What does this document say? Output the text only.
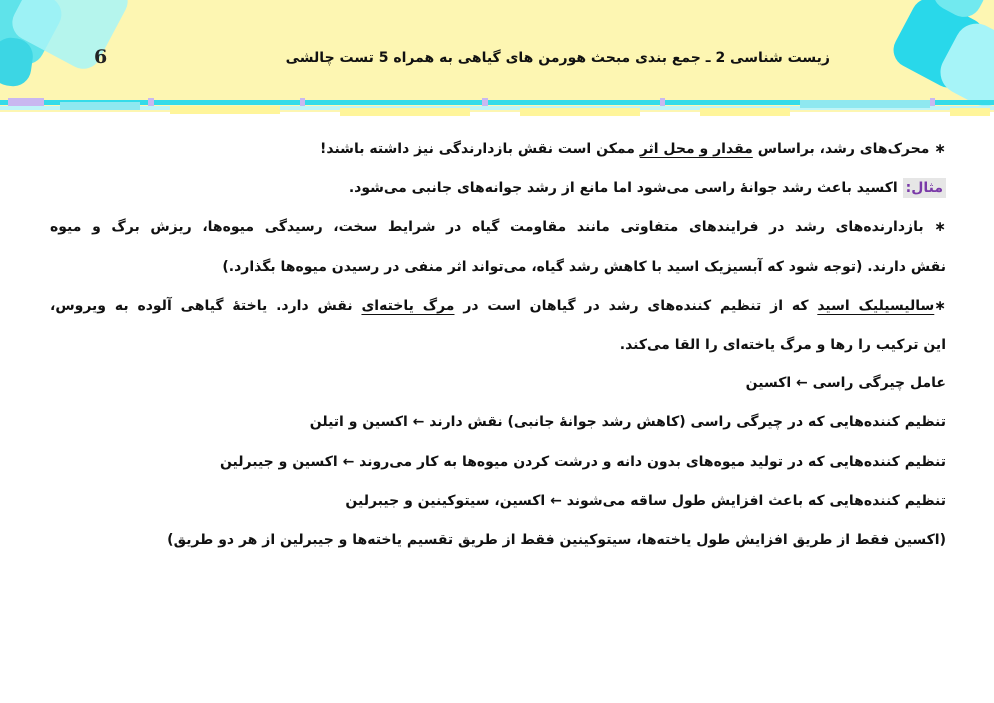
6	زیست شناسی 2 ـ جمع بندی مبحث هورمن های گیاهی به همراه 5 تست چالشی
∗ محرک‌های رشد، براساس مقدار و محل اثر ممکن است نقش بازدارندگی نیز داشته باشند!
مثال: اکسید باعث رشد جوانهٔ راسی می‌شود اما مانع از رشد جوانه‌های جانبی می‌شود.
∗ بازدارنده‌های رشد در فرایندهای متفاوتی مانند مقاومت گیاه در شرایط سخت، رسیدگی میوه‌ها، ریزش برگ و میوه
نقش دارند. (توجه شود که آبسیزیک اسید با کاهش رشد گیاه، می‌تواند اثر منفی در رسیدن میوه‌ها بگذارد.)
∗سالیسیلیک اسید که از تنظیم کننده‌های رشد در گیاهان است در مرگ یاخته‌ای نقش دارد. یاختهٔ گیاهی آلوده به ویروس،
این ترکیب را رها و مرگ یاخته‌ای را القا می‌کند.
عامل چیرگی راسی ← اکسین
تنظیم کننده‌هایی که در چیرگی راسی (کاهش رشد جوانهٔ جانبی) نقش دارند ← اکسین و اتیلن
تنظیم کننده‌هایی که در تولید میوه‌های بدون دانه و درشت کردن میوه‌ها به کار می‌روند ← اکسین و جیبرلین
تنظیم کننده‌هایی که باعث افزایش طول ساقه می‌شوند ← اکسین، سیتوکینین و جیبرلین
(اکسین فقط از طریق افزایش طول یاخته‌ها، سیتوکینین فقط از طریق تقسیم یاخته‌ها و جیبرلین از هر دو طریق)
